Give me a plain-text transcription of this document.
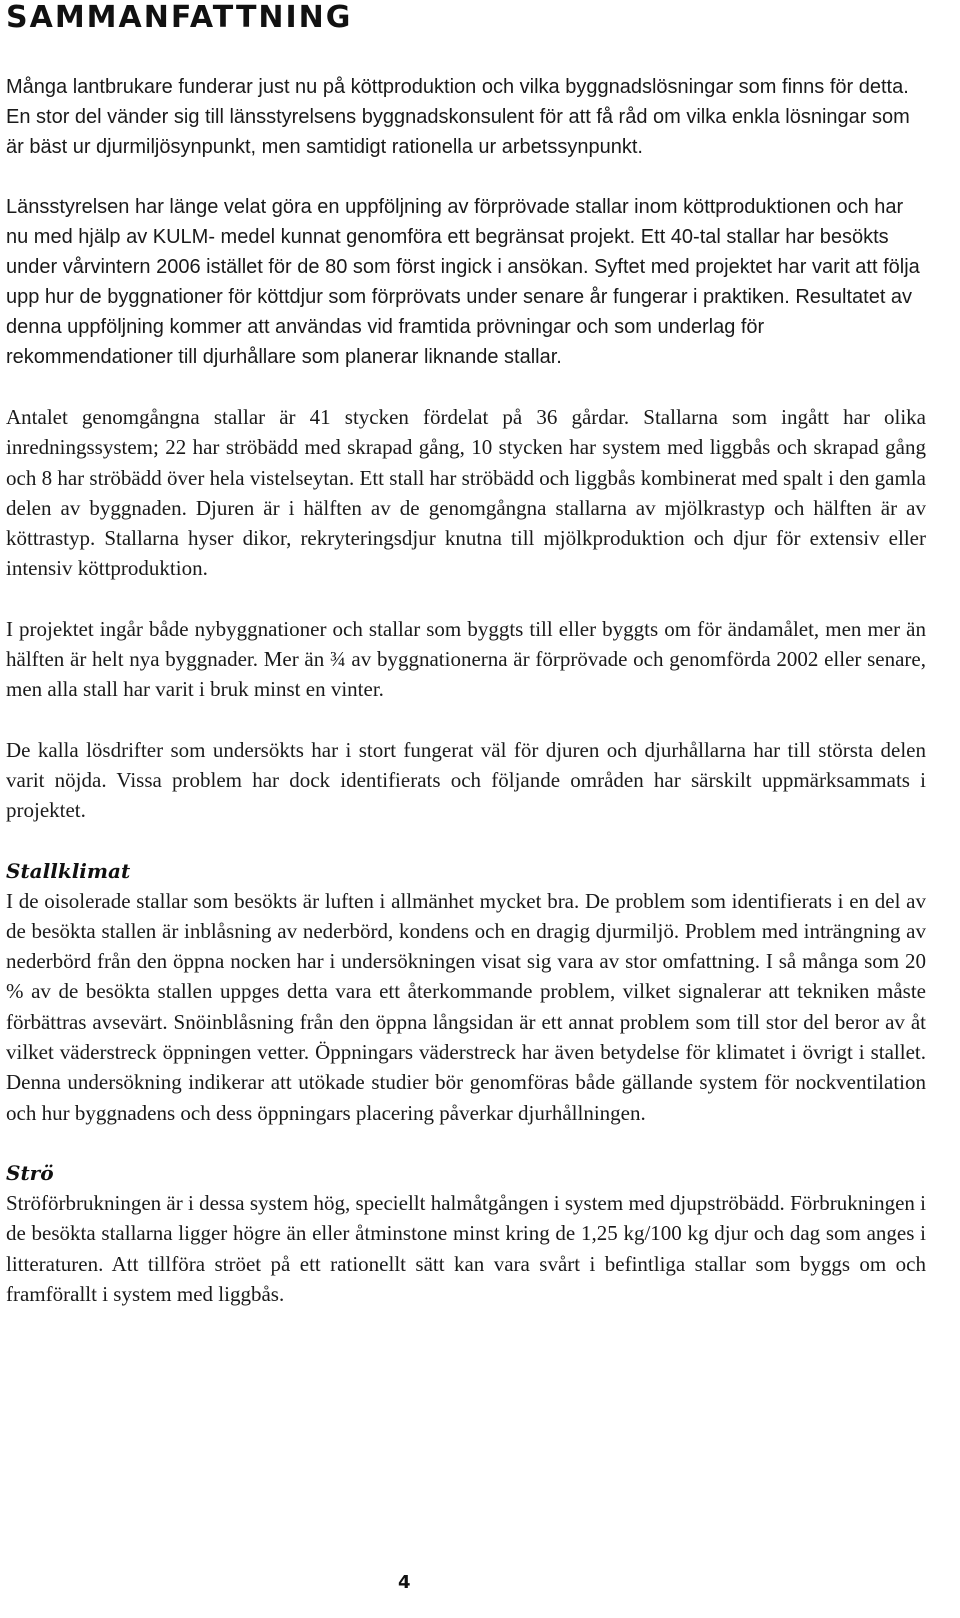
SAMMANFATTNING

Många lantbrukare funderar just nu på köttproduktion och vilka byggnadslösningar som finns för detta. En stor del vänder sig till länsstyrelsens byggnadskonsulent för att få råd om vilka enkla lösningar som är bäst ur djurmiljösynpunkt, men samtidigt rationella ur arbetssynpunkt.

Länsstyrelsen har länge velat göra en uppföljning av förprövade stallar inom köttproduktionen och har nu med hjälp av KULM- medel kunnat genomföra ett begränsat projekt. Ett 40-tal stallar har besökts under vårvintern 2006 istället för de 80 som först ingick i ansökan. Syftet med projektet har varit att följa upp hur de byggnationer för köttdjur som förprövats under senare år fungerar i praktiken. Resultatet av denna uppföljning kommer att användas vid framtida prövningar och som underlag för rekommendationer till djurhållare som planerar liknande stallar.

Antalet genomgångna stallar är 41 stycken fördelat på 36 gårdar. Stallarna som ingått har olika inredningssystem; 22 har ströbädd med skrapad gång, 10 stycken har system med liggbås och skrapad gång och 8 har ströbädd över hela vistelseytan. Ett stall har ströbädd och liggbås kombinerat med spalt i den gamla delen av byggnaden. Djuren är i hälften av de genomgångna stallarna av mjölkrastyp och hälften är av köttrastyp. Stallarna hyser dikor, rekryteringsdjur knutna till mjölkproduktion och djur för extensiv eller intensiv köttproduktion.

I projektet ingår både nybyggnationer och stallar som byggts till eller byggts om för ändamålet, men mer än hälften är helt nya byggnader. Mer än ¾ av byggnationerna är förprövade och genomförda 2002 eller senare, men alla stall har varit i bruk minst en vinter.

De kalla lösdrifter som undersökts har i stort fungerat väl för djuren och djurhållarna har till största delen varit nöjda. Vissa problem har dock identifierats och följande områden har särskilt uppmärksammats i projektet.

Stallklimat

I de oisolerade stallar som besökts är luften i allmänhet mycket bra. De problem som identifierats i en del av de besökta stallen är inblåsning av nederbörd, kondens och en dragig djurmiljö. Problem med inträngning av nederbörd från den öppna nocken har i undersökningen visat sig vara av stor omfattning. I så många som 20 % av de besökta stallen uppges detta vara ett återkommande problem, vilket signalerar att tekniken måste förbättras avsevärt. Snöinblåsning från den öppna långsidan är ett annat problem som till stor del beror av åt vilket väderstreck öppningen vetter. Öppningars väderstreck har även betydelse för klimatet i övrigt i stallet. Denna undersökning indikerar att utökade studier bör genomföras både gällande system för nockventilation och hur byggnadens och dess öppningars placering påverkar djurhållningen.

Strö

Ströförbrukningen är i dessa system hög, speciellt halmåtgången i system med djupströbädd. Förbrukningen i de besökta stallarna ligger högre än eller åtminstone minst kring de 1,25 kg/100 kg djur och dag som anges i litteraturen. Att tillföra ströet på ett rationellt sätt kan vara svårt i befintliga stallar som byggs om och framförallt i system med liggbås.

4
